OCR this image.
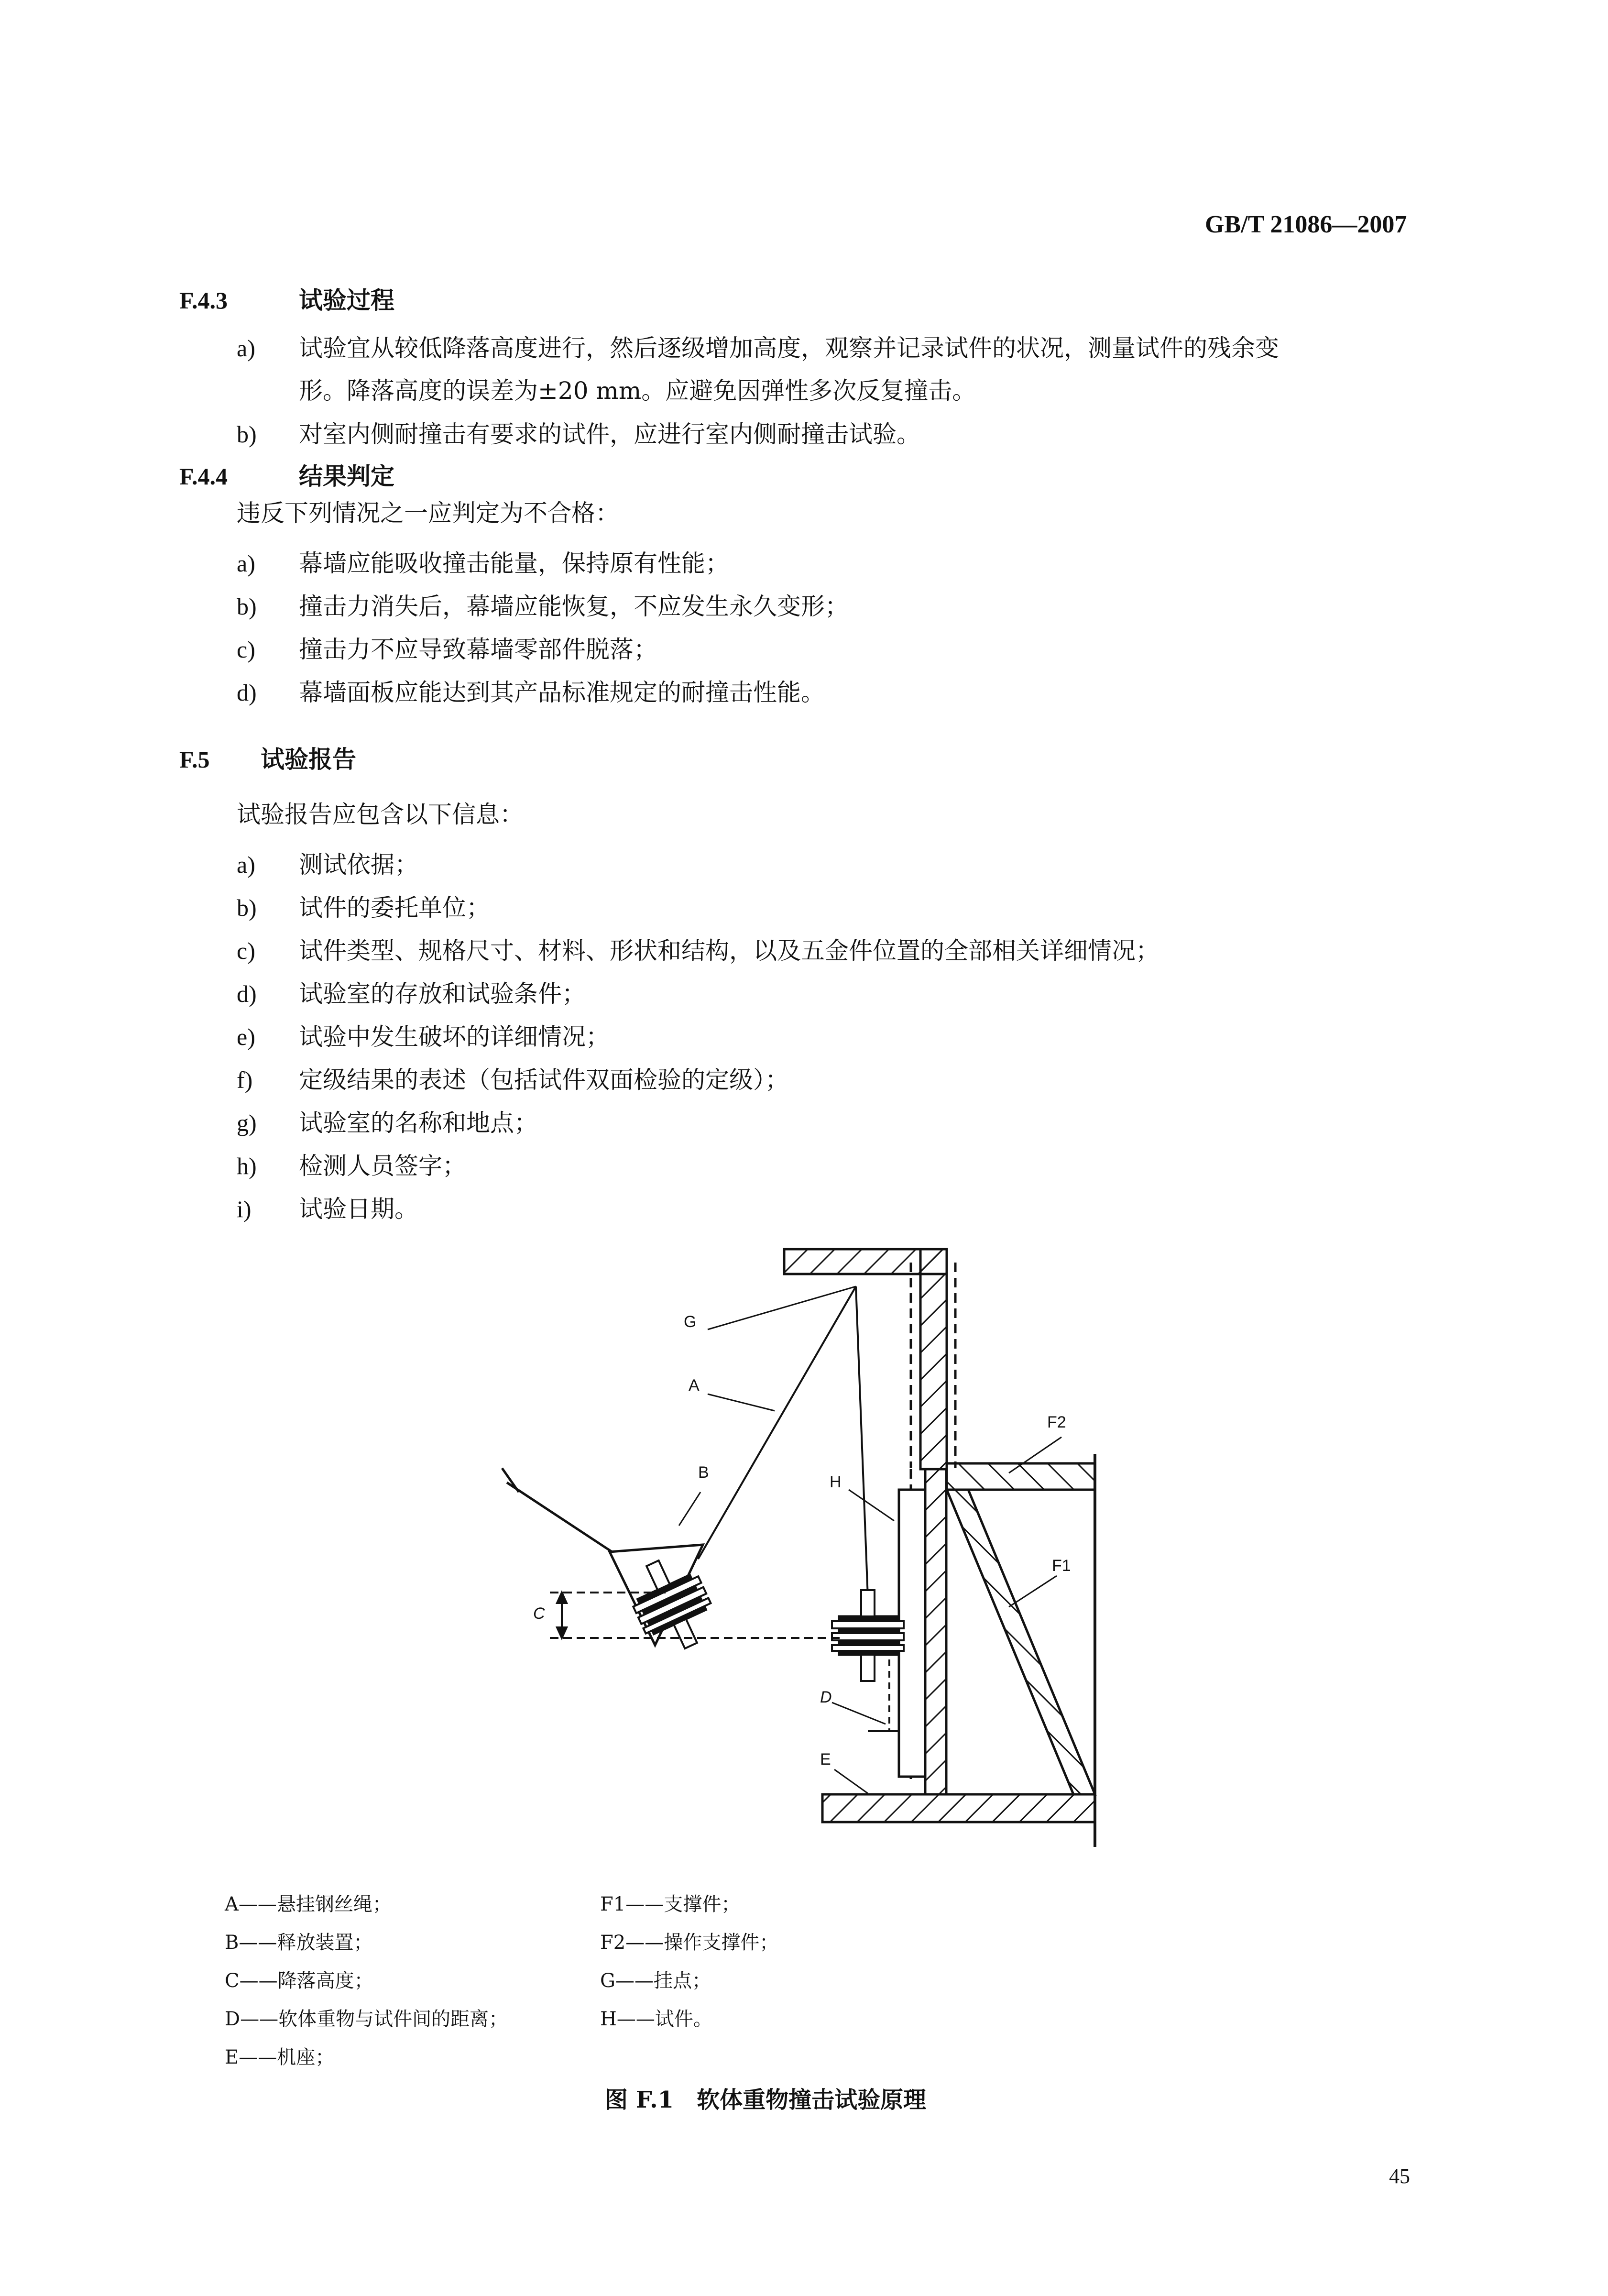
GB/T 21086—2007
F.4.3	试验过程
a) 试验宜从较低降落高度进行，然后逐级增加高度，观察并记录试件的状况，测量试件的残余变
形。降落高度的误差为±20 mm。应避免因弹性多次反复撞击。
b) 对室内侧耐撞击有要求的试件，应进行室内侧耐撞击试验。
F.4.4	结果判定
违反下列情况之一应判定为不合格：
a) 幕墙应能吸收撞击能量，保持原有性能；
b) 撞击力消失后，幕墙应能恢复，不应发生永久变形；
c) 撞击力不应导致幕墙零部件脱落；
d) 幕墙面板应能达到其产品标准规定的耐撞击性能。
F.5 试验报告
试验报告应包含以下信息：
a) 测试依据；
b) 试件的委托单位；
c) 试件类型、规格尺寸、材料、形状和结构，以及五金件位置的全部相关详细情况；
d) 试验室的存放和试验条件；
e) 试验中发生破坏的详细情况；
f) 定级结果的表述（包括试件双面检验的定级）；
g) 试验室的名称和地点；
h) 检测人员签字；
i) 试验日期。
G
A
B
H
F2
F1
C
D
E
A——悬挂钢丝绳；
B——释放装置；
C——降落高度；
D——软体重物与试件间的距离；
E——机座；
F1——支撑件；
F2——操作支撑件；
G——挂点；
H——试件。
图 F.1　软体重物撞击试验原理
45
